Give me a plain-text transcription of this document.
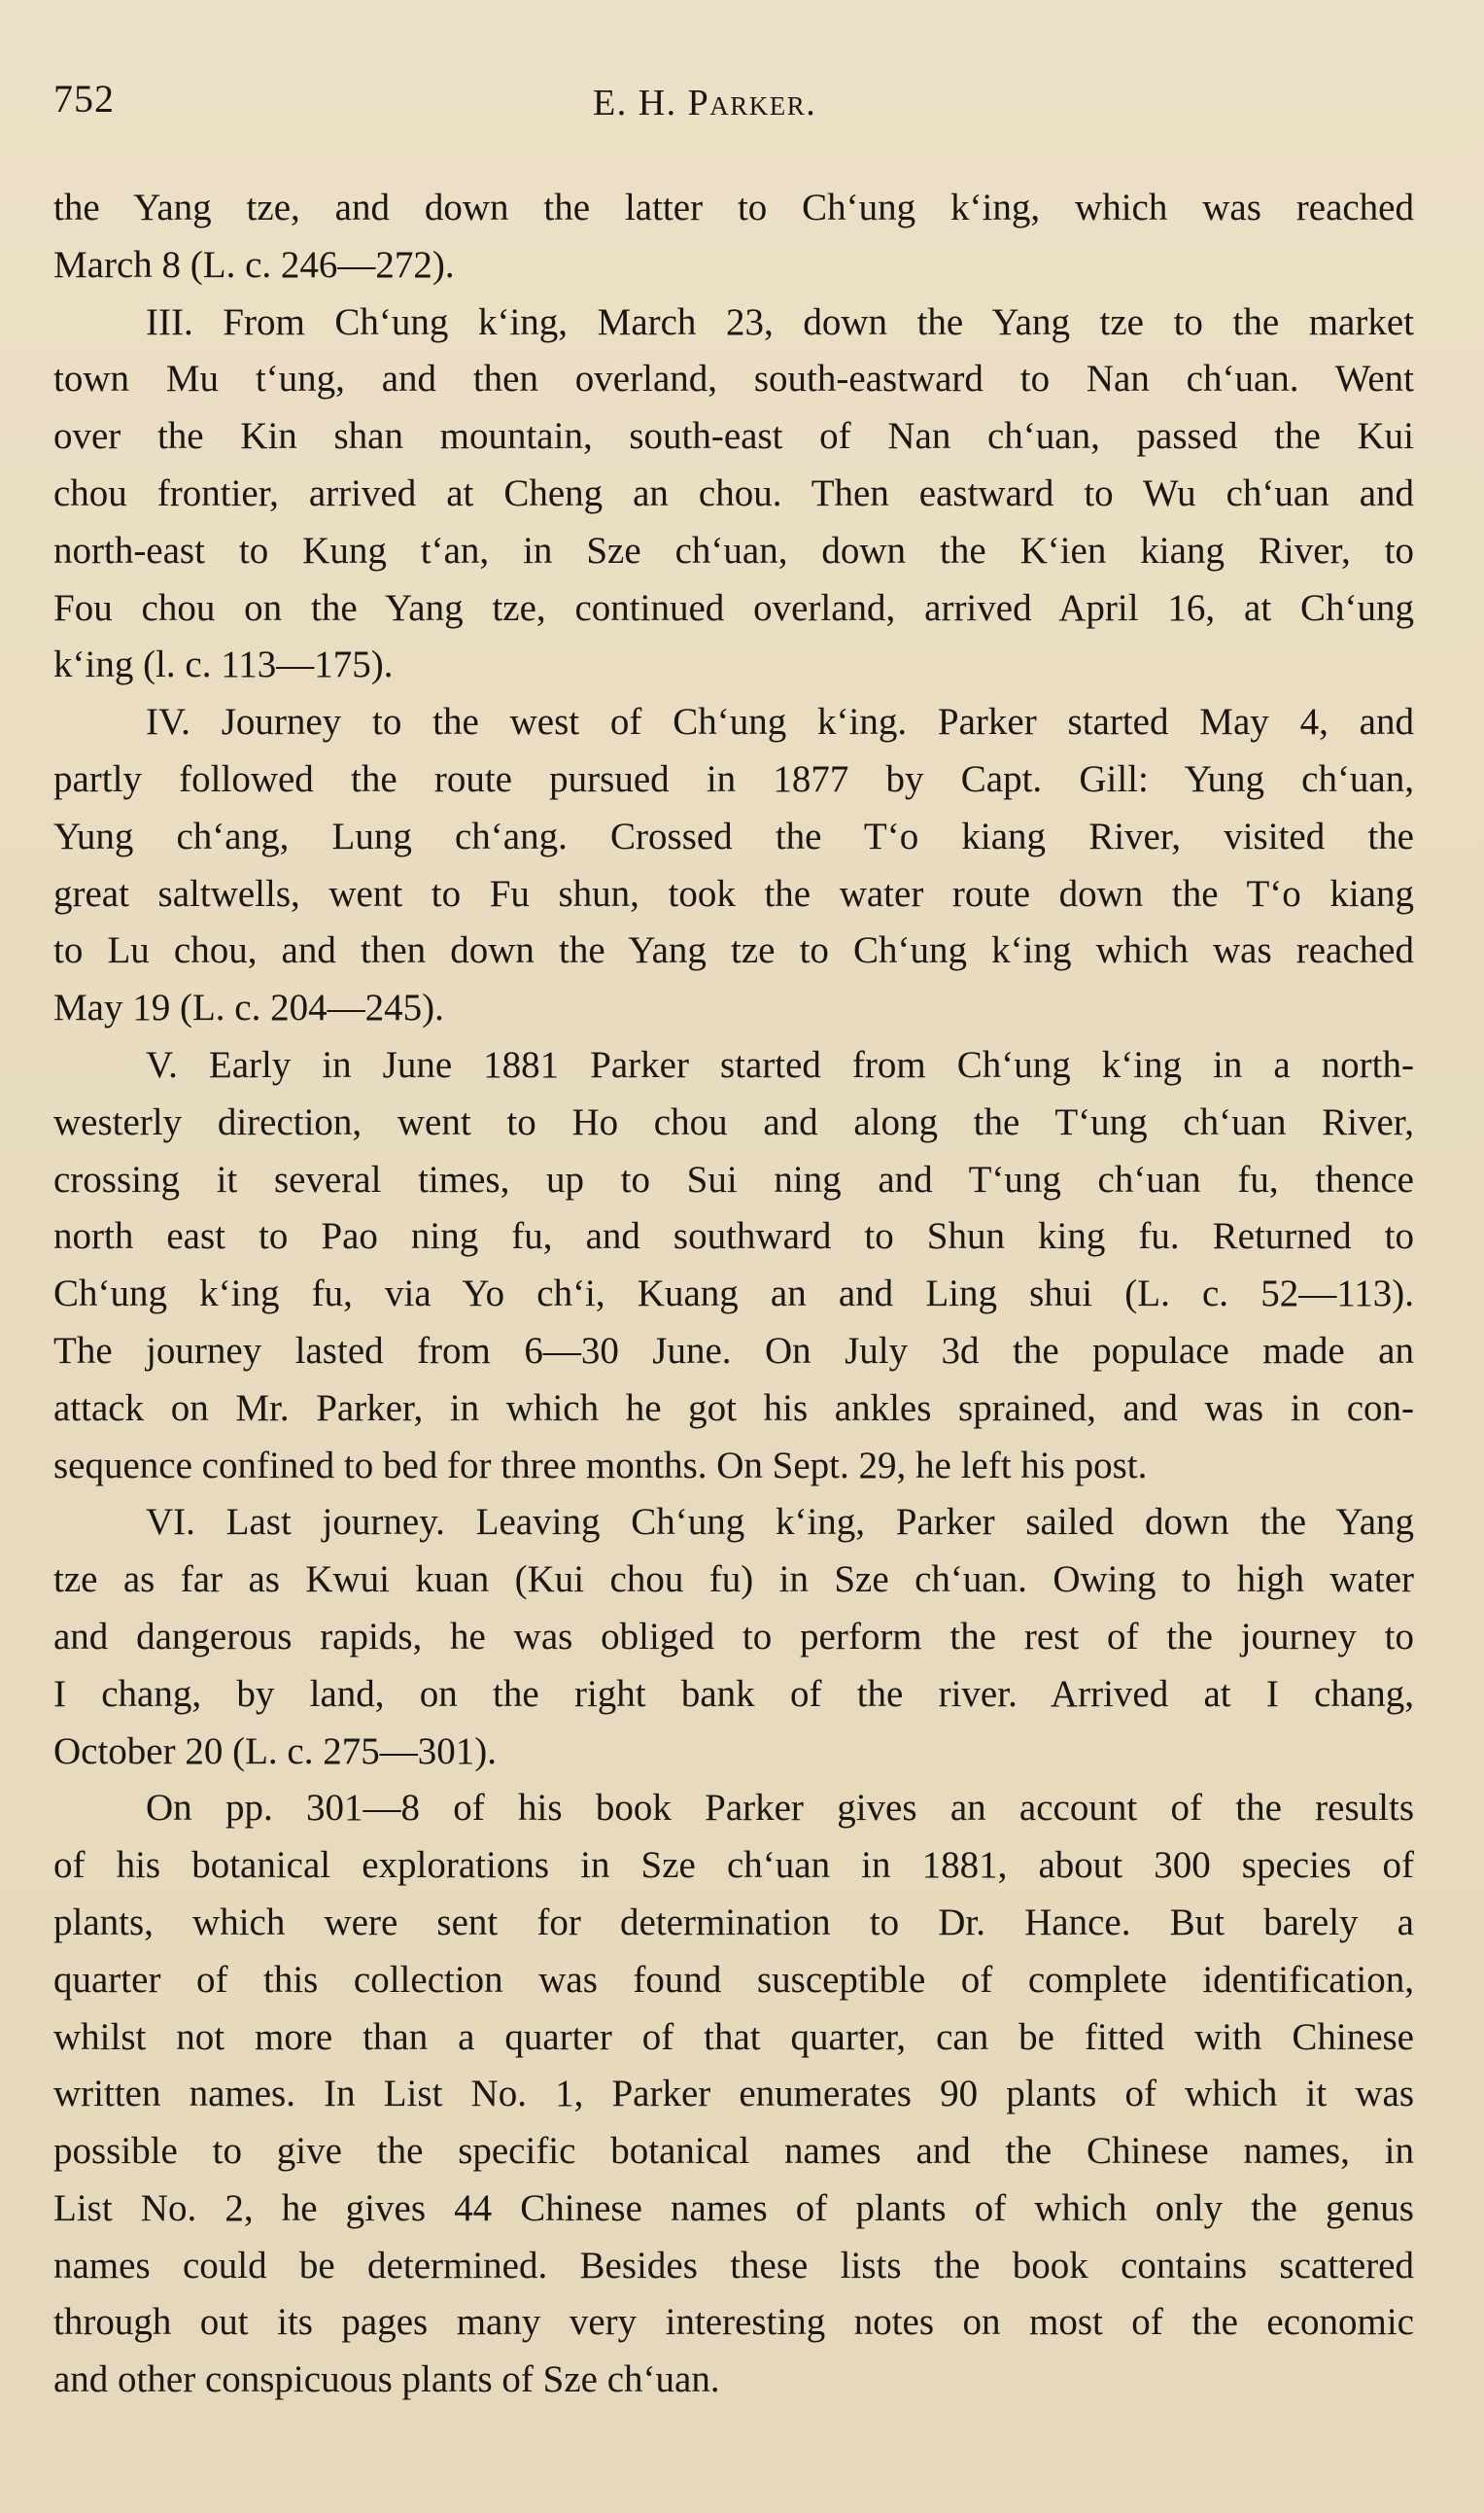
752	E. H. Parker.
the Yang tze, and down the latter to Chʻung kʻing, which was reached
March 8 (L. c. 246—272).
III. From Chʻung kʻing, March 23, down the Yang tze to the market
town Mu tʻung, and then overland, south-eastward to Nan chʻuan. Went
over the Kin shan mountain, south-east of Nan chʻuan, passed the Kui
chou frontier, arrived at Cheng an chou. Then eastward to Wu chʻuan and
north-east to Kung tʻan, in Sze chʻuan, down the Kʻien kiang River, to
Fou chou on the Yang tze, continued overland, arrived April 16, at Chʻung
kʻing (l. c. 113—175).
IV. Journey to the west of Chʻung kʻing. Parker started May 4, and
partly followed the route pursued in 1877 by Capt. Gill: Yung chʻuan,
Yung chʻang, Lung chʻang. Crossed the Tʻo kiang River, visited the
great saltwells, went to Fu shun, took the water route down the Tʻo kiang
to Lu chou, and then down the Yang tze to Chʻung kʻing which was reached
May 19 (L. c. 204—245).
V. Early in June 1881 Parker started from Chʻung kʻing in a north-
westerly direction, went to Ho chou and along the Tʻung chʻuan River,
crossing it several times, up to Sui ning and Tʻung chʻuan fu, thence
north east to Pao ning fu, and southward to Shun king fu. Returned to
Chʻung kʻing fu, via Yo chʻi, Kuang an and Ling shui (L. c. 52—113).
The journey lasted from 6—30 June. On July 3d the populace made an
attack on Mr. Parker, in which he got his ankles sprained, and was in con-
sequence confined to bed for three months. On Sept. 29, he left his post.
VI. Last journey. Leaving Chʻung kʻing, Parker sailed down the Yang
tze as far as Kwui kuan (Kui chou fu) in Sze chʻuan. Owing to high water
and dangerous rapids, he was obliged to perform the rest of the journey to
I chang, by land, on the right bank of the river. Arrived at I chang,
October 20 (L. c. 275—301).
On pp. 301—8 of his book Parker gives an account of the results
of his botanical explorations in Sze chʻuan in 1881, about 300 species of
plants, which were sent for determination to Dr. Hance. But barely a
quarter of this collection was found susceptible of complete identification,
whilst not more than a quarter of that quarter, can be fitted with Chinese
written names. In List No. 1, Parker enumerates 90 plants of which it was
possible to give the specific botanical names and the Chinese names, in
List No. 2, he gives 44 Chinese names of plants of which only the genus
names could be determined. Besides these lists the book contains scattered
through out its pages many very interesting notes on most of the economic
and other conspicuous plants of Sze chʻuan.
